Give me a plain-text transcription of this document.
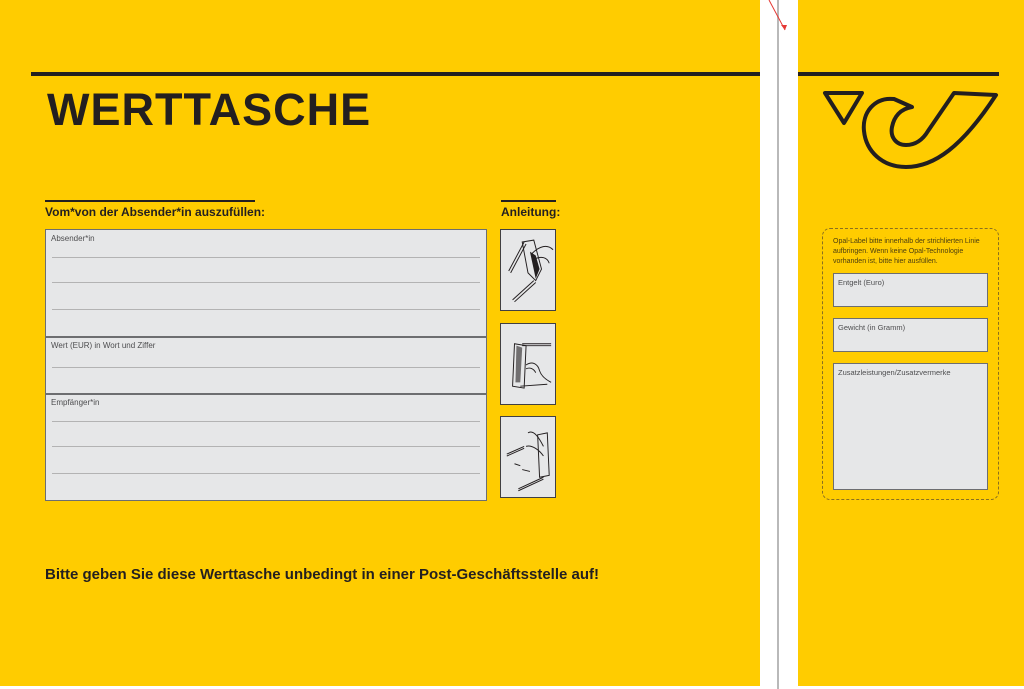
WERTTASCHE
Vom*von der Absender*in auszufüllen:	Anleitung:
Absender*in
Wert (EUR) in Wort und Ziffer
Empfänger*in
Bitte geben Sie diese Werttasche unbedingt in einer Post-Geschäftsstelle auf!
Opal-Label bitte innerhalb der strichlierten Linie aufbringen. Wenn keine Opal-Technologie vorhanden ist, bitte hier ausfüllen.
Entgelt (Euro)
Gewicht (in Gramm)
Zusatzleistungen/Zusatzvermerke
